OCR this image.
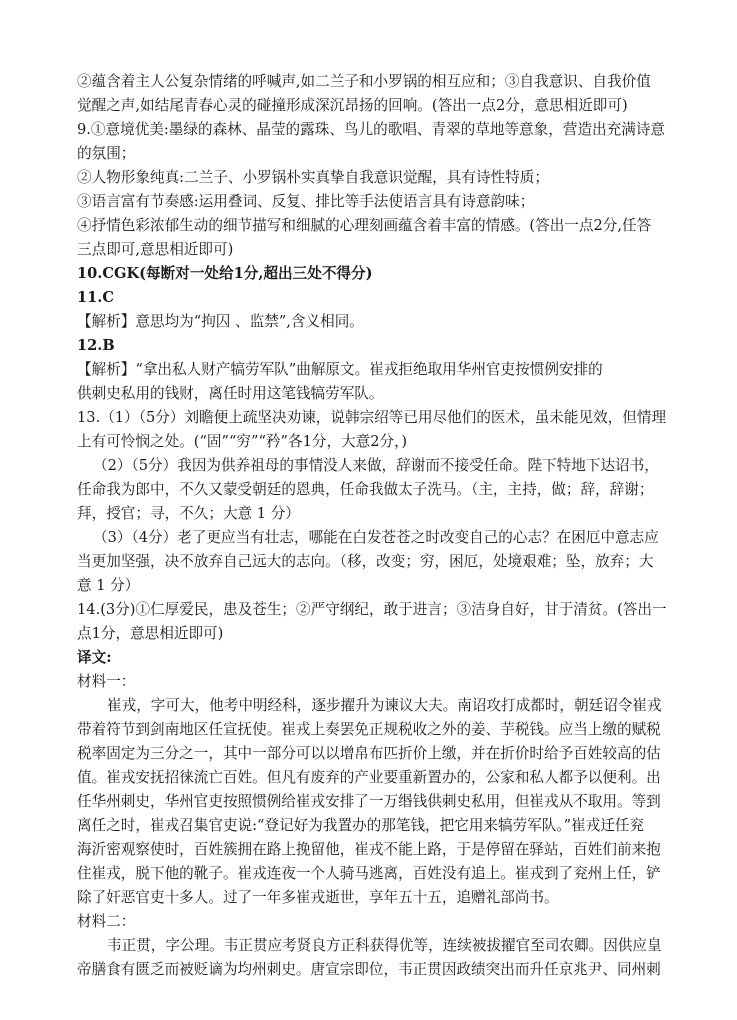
②蕴含着主人公复杂情绪的呼喊声,如二兰子和小罗锅的相互应和；③自我意识、自我价值
觉醒之声,如结尾青春心灵的碰撞形成深沉昂扬的回响。(答出一点2分，意思相近即可)
9.①意境优美:墨绿的森林、晶莹的露珠、鸟儿的歌唱、青翠的草地等意象，营造出充满诗意
的氛围；
②人物形象纯真:二兰子、小罗锅朴实真挚自我意识觉醒，具有诗性特质；
③语言富有节奏感:运用叠词、反复、排比等手法使语言具有诗意韵味；
④抒情色彩浓郁生动的细节描写和细腻的心理刻画蕴含着丰富的情感。(答出一点2分,任答
三点即可,意思相近即可)
10.CGK(每断对一处给1分,超出三处不得分)
11.C
【解析】意思均为“拘囚 、监禁”,含义相同。
12.B
【解析】“拿出私人财产犒劳军队”曲解原文。崔戎拒绝取用华州官吏按惯例安排的
供刺史私用的钱财，离任时用这笔钱犒劳军队。
13.（1）（5分）刘瞻便上疏坚决劝谏，说韩宗绍等已用尽他们的医术，虽未能见效，但情理
上有可怜悯之处。(“固”“穷”“矜”各1分，大意2分，)
（2）（5分）我因为供养祖母的事情没人来做，辞谢而不接受任命。陛下特地下达诏书，
任命我为郎中，不久又蒙受朝廷的恩典，任命我做太子洗马。（主，主持，做；辞，辞谢；
拜，授官；寻，不久；大意 1 分）
（3）（4分）老了更应当有壮志，哪能在白发苍苍之时改变自己的心志？在困厄中意志应
当更加坚强，决不放弃自己远大的志向。（移，改变；穷，困厄，处境艰难；坠，放弃；大
意 1 分）
14.(3分)①仁厚爱民，患及苍生；②严守纲纪，敢于进言；③洁身自好，甘于清贫。(答出一
点1分，意思相近即可)
译文:
材料一：
崔戎，字可大，他考中明经科，逐步擢升为谏议大夫。南诏攻打成都时，朝廷诏令崔戎
带着符节到剑南地区任宣抚使。崔戎上奏罢免正规税收之外的姜、芋税钱。应当上缴的赋税
税率固定为三分之一，其中一部分可以以增帛布匹折价上缴，并在折价时给予百姓较高的估
值。崔戎安抚招徕流亡百姓。但凡有废弃的产业要重新置办的，公家和私人都予以便利。出
任华州刺史，华州官吏按照惯例给崔戎安排了一万缗钱供刺史私用，但崔戎从不取用。等到
离任之时，崔戎召集官吏说:“登记好为我置办的那笔钱，把它用来犒劳军队。”崔戎迁任兖
海沂密观察使时，百姓簇拥在路上挽留他，崔戎不能上路，于是停留在驿站，百姓们前来抱
住崔戎，脱下他的靴子。崔戎连夜一个人骑马逃离，百姓没有追上。崔戎到了兖州上任，铲
除了奸恶官吏十多人。过了一年多崔戎逝世，享年五十五，追赠礼部尚书。
材料二：
韦正贯，字公理。韦正贯应考贤良方正科获得优等，连续被拔擢官至司农卿。因供应皇
帝膳食有匮乏而被贬谪为均州刺史。唐宣宗即位，韦正贯因政绩突出而升任京兆尹、同州刺
